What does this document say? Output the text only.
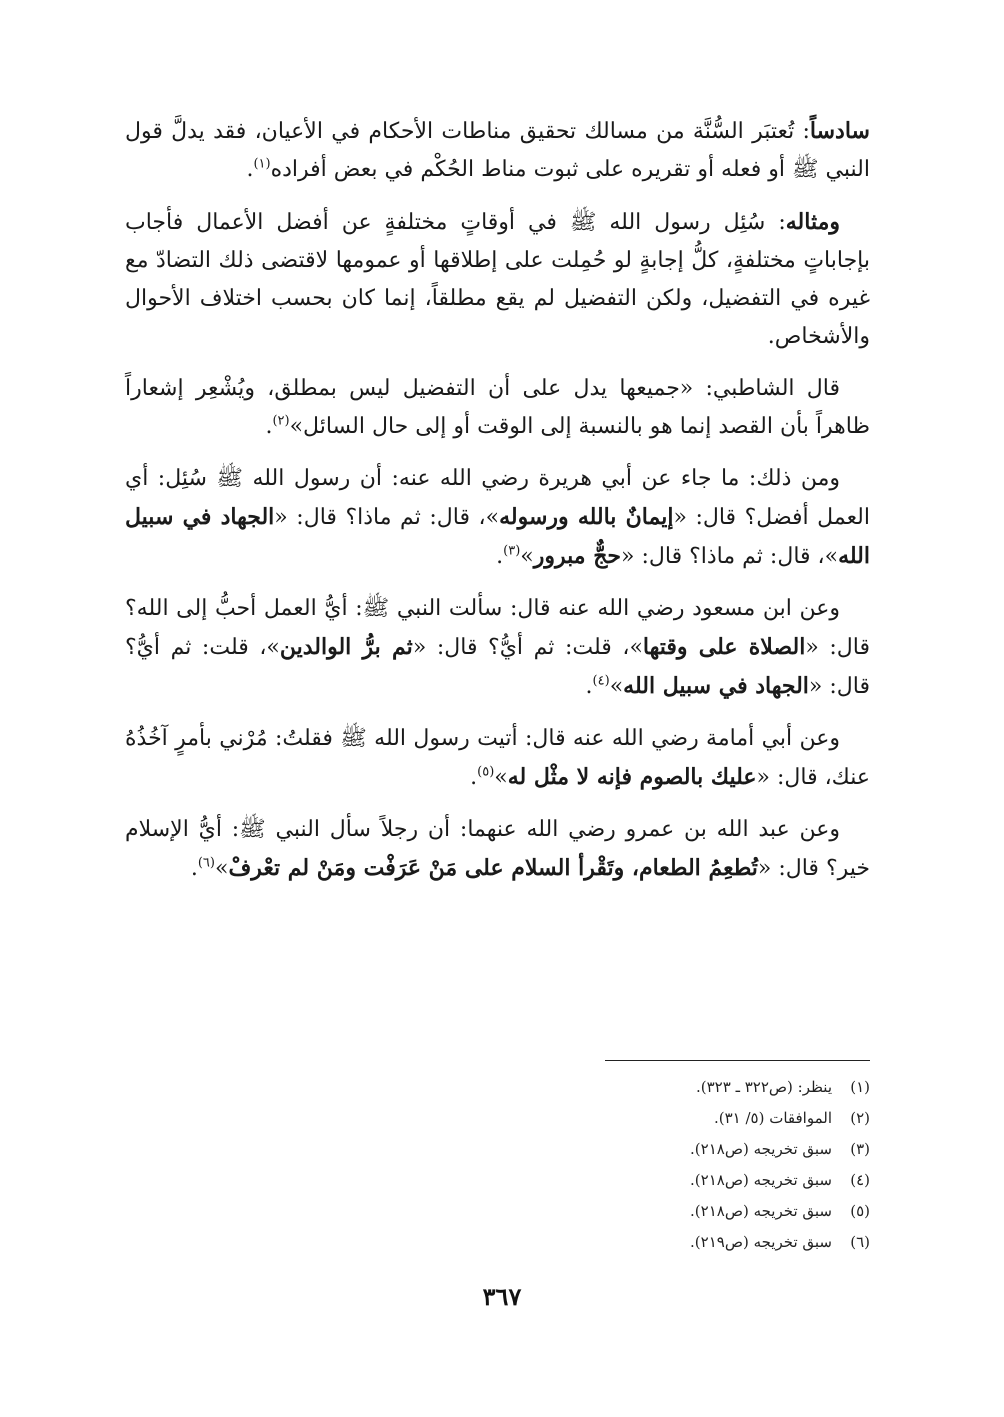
سادساً: تُعتبَر السُّنَّة من مسالك تحقيق مناطات الأحكام في الأعيان، فقد يدلَّ قول النبي ﷺ أو فعله أو تقريره على ثبوت مناط الحُكْم في بعض أفراده$^{(١)}$.

ومثاله: سُئِل رسول الله ﷺ في أوقاتٍ مختلفةٍ عن أفضل الأعمال فأجاب بإجاباتٍ مختلفةٍ، كلُّ إجابةٍ لو حُمِلت على إطلاقها أو عمومها لاقتضى ذلك التضادّ مع غيره في التفضيل، ولكن التفضيل لم يقع مطلقاً، إنما كان بحسب اختلاف الأحوال والأشخاص.

قال الشاطبي: «جميعها يدل على أن التفضيل ليس بمطلق، ويُشْعِر إشعاراً ظاهراً بأن القصد إنما هو بالنسبة إلى الوقت أو إلى حال السائل»$^{(٢)}$.

ومن ذلك: ما جاء عن أبي هريرة رضي الله عنه: أن رسول الله ﷺ سُئِل: أي العمل أفضل؟ قال: «إيمانٌ بالله ورسوله»، قال: ثم ماذا؟ قال: «الجهاد في سبيل الله»، قال: ثم ماذا؟ قال: «حجٌّ مبرور»$^{(٣)}$.

وعن ابن مسعود رضي الله عنه قال: سألت النبي ﷺ: أيُّ العمل أحبُّ إلى الله؟ قال: «الصلاة على وقتها»، قلت: ثم أيُّ؟ قال: «ثم برُّ الوالدين»، قلت: ثم أيُّ؟ قال: «الجهاد في سبيل الله»$^{(٤)}$.

وعن أبي أمامة رضي الله عنه قال: أتيت رسول الله ﷺ فقلتُ: مُرْني بأمرٍ آخُذُهُ عنك، قال: «عليك بالصوم فإنه لا مثْل له»$^{(٥)}$.

وعن عبد الله بن عمرو رضي الله عنهما: أن رجلاً سأل النبي ﷺ: أيُّ الإسلام خير؟ قال: «تُطعِمُ الطعام، وتَقْرأ السلام على مَنْ عَرَفْت ومَنْ لم تعْرفْ»$^{(٦)}$.

(١)
ينظر: (ص٣٢٢ ـ ٣٢٣).
(٢)
الموافقات (٥/ ٣١).
(٣)
سبق تخريجه (ص٢١٨).
(٤)
سبق تخريجه (ص٢١٨).
(٥)
سبق تخريجه (ص٢١٨).
(٦)
سبق تخريجه (ص٢١٩).
٣٦٧
